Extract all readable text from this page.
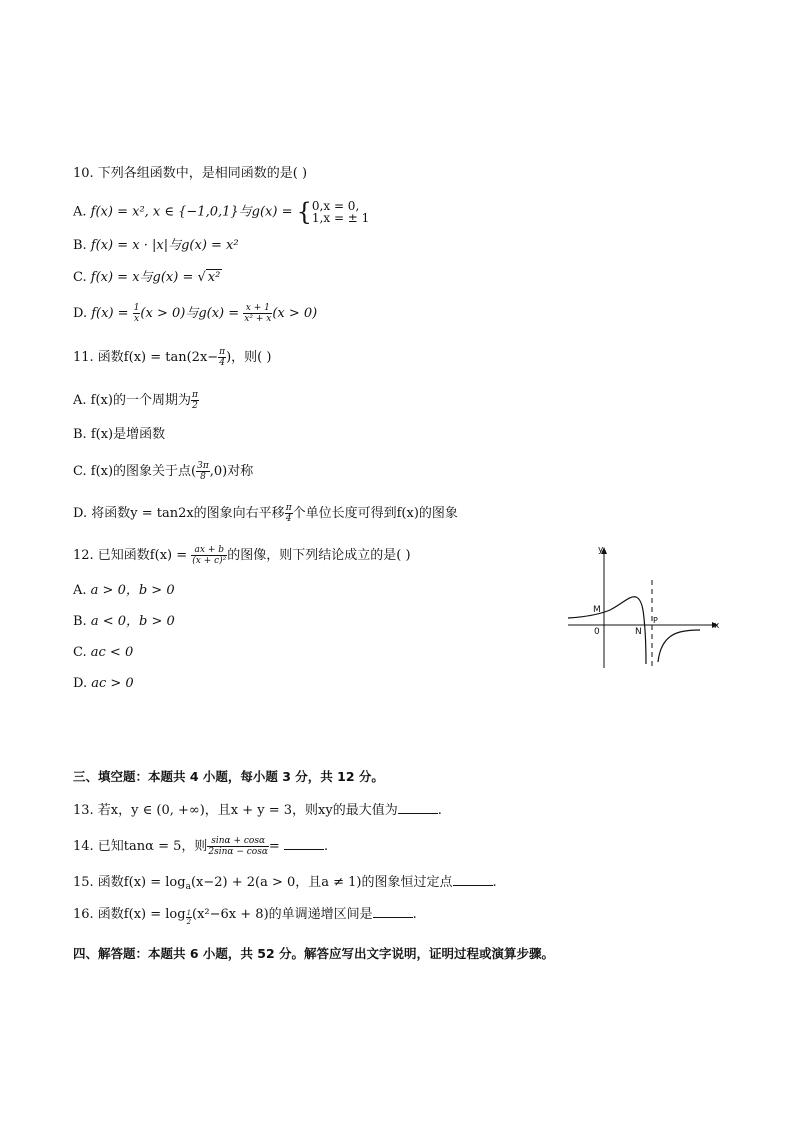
10. 下列各组函数中，是相同函数的是( )
A. f(x) = x², x ∈ {−1,0,1}与g(x) = { 0,x = 0,
1,x = ± 1
B. f(x) = x · |x|与g(x) = x²
C. f(x) = x与g(x) = √ x²
D. $f(x) = \frac{1}{x} (x > 0)$与$g(x) = \frac{x + 1}{\text{x² + x}} (x > 0)$
11. 函数$f(x) = \tan(2x- \frac{\pi}{4}$ )，则( )
A. f(x)的一个周期为 $\frac{\pi}{2}$
B. f(x)是增函数
C. f(x)的图象关于点( $\frac{3\pi}{8} ,0$)对称
D. 将函数y = tan2x的图象向右平移 $\frac{\pi}{4}$ 个单位长度可得到f(x)的图象
12. 已知函数$f(x) = \frac{ax + b}{\text{(x + c)²}}$ 的图像，则下列结论成立的是( )
A. a > 0，b > 0
B. a < 0，b > 0
C. ac < 0
D. ac > 0
y
x
M
0	N
P
三、填空题：本题共 4 小题，每小题 3 分，共 12 分。
13. 若x，y ∈ (0, +∞)，且x + y = 3，则xy的最大值为	.
14. 已知tanα = 5，则 $\frac{\sin\alpha + \cos\alpha}{2\sin\alpha - \cos\alpha}$ =	.
15. 函数$f(x) = \log_a(x-2) + 2(a > 0$，且a ≠ 1)的图象恒过定点	.
16. 函数$f(x) = \log \frac{1}{2} (x^2-6x + 8)$的单调递增区间是	.
四、解答题：本题共 6 小题，共 52 分。解答应写出文字说明，证明过程或演算步骤。
